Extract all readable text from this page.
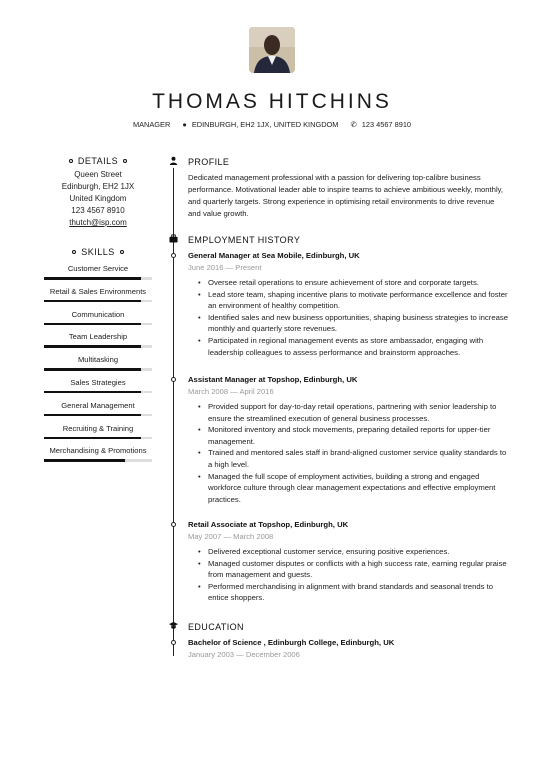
THOMAS HITCHINS
MANAGER ● EDINBURGH, EH2 1JX, UNITED KINGDOM ✆ 123 4567 8910
DETAILS
Queen Street
Edinburgh, EH2 1JX
United Kingdom
123 4567 8910
thutch@isp.com
SKILLS
Customer Service
Retail & Sales Environments
Communication
Team Leadership
Multitasking
Sales Strategies
General Management
Recruiting & Training
Merchandising & Promotions
PROFILE
Dedicated management professional with a passion for delivering top-calibre business performance. Motivational leader able to inspire teams to achieve ambitious weekly, monthly, and quarterly targets. Strong experience in optimising retail environments to drive revenue and value growth.
EMPLOYMENT HISTORY
General Manager at Sea Mobile, Edinburgh, UK
June 2016 — Present
• Oversee retail operations to ensure achievement of store and corporate targets.
• Lead store team, shaping incentive plans to motivate performance excellence and foster an environment of healthy competition.
• Identified sales and new business opportunities, shaping business strategies to increase monthly and quarterly store revenues.
• Participated in regional management events as store ambassador, engaging with leadership colleagues to assess performance and brainstorm approaches.
Assistant Manager at Topshop, Edinburgh, UK
March 2008 — April 2016
• Provided support for day-to-day retail operations, partnering with senior leadership to ensure the streamlined execution of general business processes.
• Monitored inventory and stock movements, preparing detailed reports for upper-tier management.
• Trained and mentored sales staff in brand-aligned customer service quality standards to a high level.
• Managed the full scope of employment activities, building a strong and engaged workforce culture through clear management expectations and effective employment practices.
Retail Associate at Topshop, Edinburgh, UK
May 2007 — March 2008
• Delivered exceptional customer service, ensuring positive experiences.
• Managed customer disputes or conflicts with a high success rate, earning regular praise from management and guests.
• Performed merchandising in alignment with brand standards and seasonal trends to entice shoppers.
EDUCATION
Bachelor of Science , Edinburgh College, Edinburgh, UK
January 2003 — December 2006
